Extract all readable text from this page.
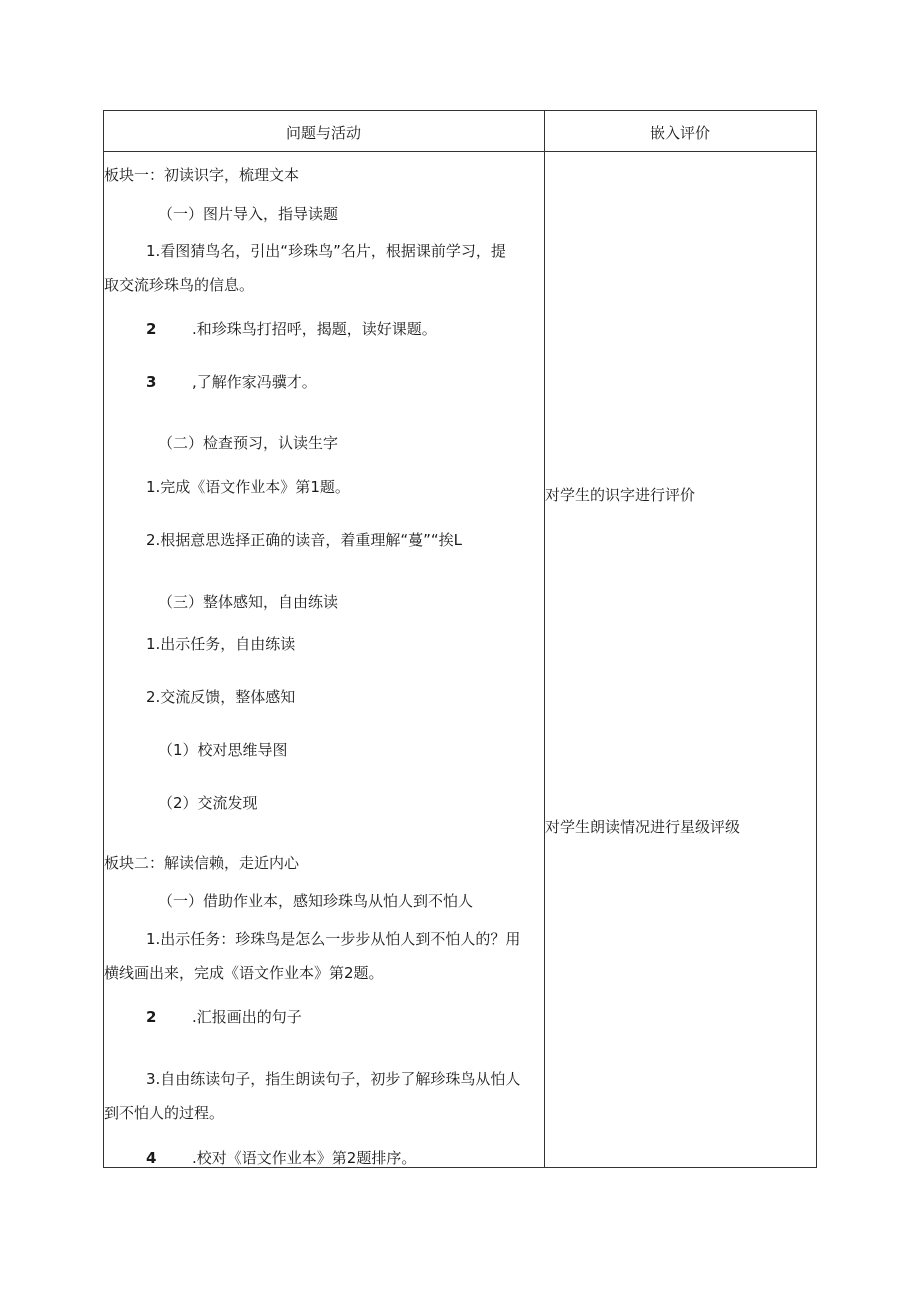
问题与活动	嵌入评价
板块一：初读识字，梳理文本
（一）图片导入，指导读题
1.看图猜鸟名，引出“珍珠鸟”名片，根据课前学习，提
取交流珍珠鸟的信息。
2 .和珍珠鸟打招呼，揭题，读好课题。
3 ,了解作家冯骥才。
（二）检查预习，认读生字
1.完成《语文作业本》第1题。
2.根据意思选择正确的读音，着重理解“蔓”“挨L
（三）整体感知，自由练读
1.出示任务，自由练读
2.交流反馈，整体感知
（1）校对思维导图
（2）交流发现
板块二：解读信赖，走近内心
（一）借助作业本，感知珍珠鸟从怕人到不怕人
1.出示任务：珍珠鸟是怎么一步步从怕人到不怕人的？用
横线画出来，完成《语文作业本》第2题。
2 .汇报画出的句子
3.自由练读句子，指生朗读句子，初步了解珍珠鸟从怕人
到不怕人的过程。
4 .校对《语文作业本》第2题排序。
对学生的识字进行评价
对学生朗读情况进行星级评级
